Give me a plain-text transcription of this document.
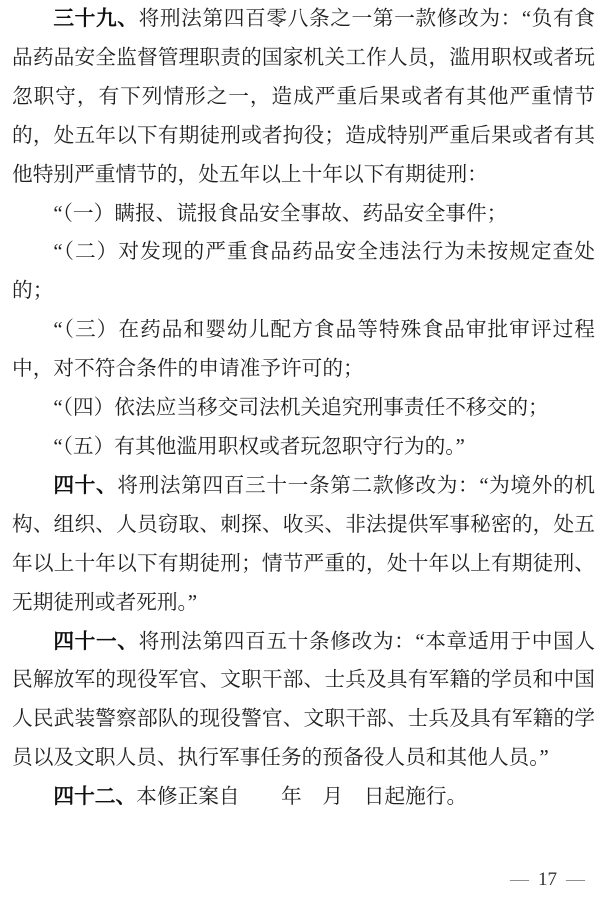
三十九、将刑法第四百零八条之一第一款修改为：“负有食品药品安全监督管理职责的国家机关工作人员，滥用职权或者玩忽职守，有下列情形之一，造成严重后果或者有其他严重情节的，处五年以下有期徒刑或者拘役；造成特别严重后果或者有其他特别严重情节的，处五年以上十年以下有期徒刑：

“（一）瞒报、谎报食品安全事故、药品安全事件；

“（二）对发现的严重食品药品安全违法行为未按规定查处的；

“（三）在药品和婴幼儿配方食品等特殊食品审批审评过程中，对不符合条件的申请准予许可的；

“（四）依法应当移交司法机关追究刑事责任不移交的；

“（五）有其他滥用职权或者玩忽职守行为的。”

四十、将刑法第四百三十一条第二款修改为：“为境外的机构、组织、人员窃取、刺探、收买、非法提供军事秘密的，处五年以上十年以下有期徒刑；情节严重的，处十年以上有期徒刑、无期徒刑或者死刑。”

四十一、将刑法第四百五十条修改为：“本章适用于中国人民解放军的现役军官、文职干部、士兵及具有军籍的学员和中国人民武装警察部队的现役警官、文职干部、士兵及具有军籍的学员以及文职人员、执行军事任务的预备役人员和其他人员。”

四十二、本修正案自　　年　月　日起施行。

— 17 —
